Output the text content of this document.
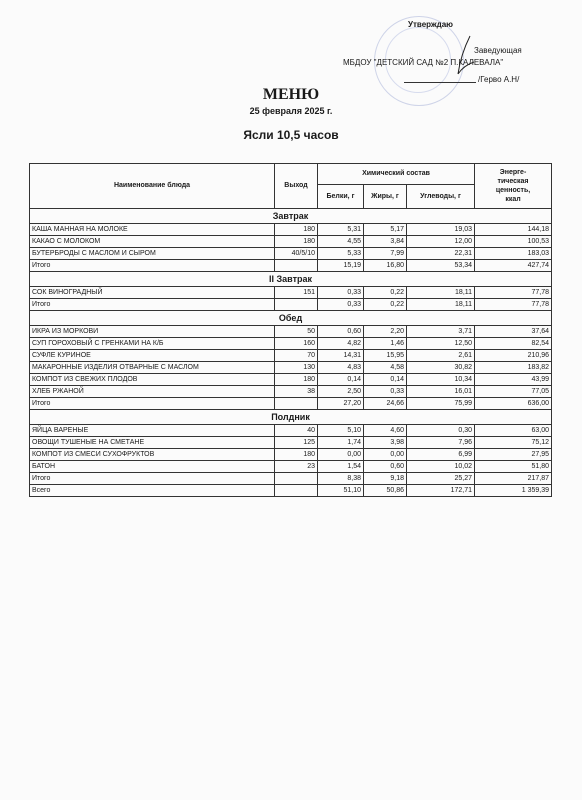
Утверждаю
Заведующая
МБДОУ "ДЕТСКИЙ САД №2 П.КАЛЕВАЛА"
/Герво А.Н/
МЕНЮ
25 февраля 2025 г.
Ясли 10,5 часов
Наименование блюда	Выход	Химический состав			Энерге-
тическая
ценность,
ккал
		Белки, г	Жиры, г	Углеводы, г	
Завтрак					
КАША МАННАЯ НА МОЛОКЕ	180	5,31	5,17	19,03	144,18
КАКАО С МОЛОКОМ	180	4,55	3,84	12,00	100,53
БУТЕРБРОДЫ С МАСЛОМ И СЫРОМ	40/5/10	5,33	7,99	22,31	183,03
Итого		15,19	16,80	53,34	427,74
II Завтрак					
СОК ВИНОГРАДНЫЙ	151	0,33	0,22	18,11	77,78
Итого		0,33	0,22	18,11	77,78
Обед					
ИКРА ИЗ МОРКОВИ	50	0,60	2,20	3,71	37,64
СУП ГОРОХОВЫЙ С ГРЕНКАМИ НА К/Б	160	4,82	1,46	12,50	82,54
СУФЛЕ КУРИНОЕ	70	14,31	15,95	2,61	210,96
МАКАРОННЫЕ ИЗДЕЛИЯ ОТВАРНЫЕ С МАСЛОМ	130	4,83	4,58	30,82	183,82
КОМПОТ ИЗ СВЕЖИХ ПЛОДОВ	180	0,14	0,14	10,34	43,99
ХЛЕБ РЖАНОЙ	38	2,50	0,33	16,01	77,05
Итого		27,20	24,66	75,99	636,00
Полдник					
ЯЙЦА ВАРЕНЫЕ	40	5,10	4,60	0,30	63,00
ОВОЩИ ТУШЕНЫЕ НА СМЕТАНЕ	125	1,74	3,98	7,96	75,12
КОМПОТ ИЗ СМЕСИ СУХОФРУКТОВ	180	0,00	0,00	6,99	27,95
БАТОН	23	1,54	0,60	10,02	51,80
Итого		8,38	9,18	25,27	217,87
Всего		51,10	50,86	172,71	1 359,39
